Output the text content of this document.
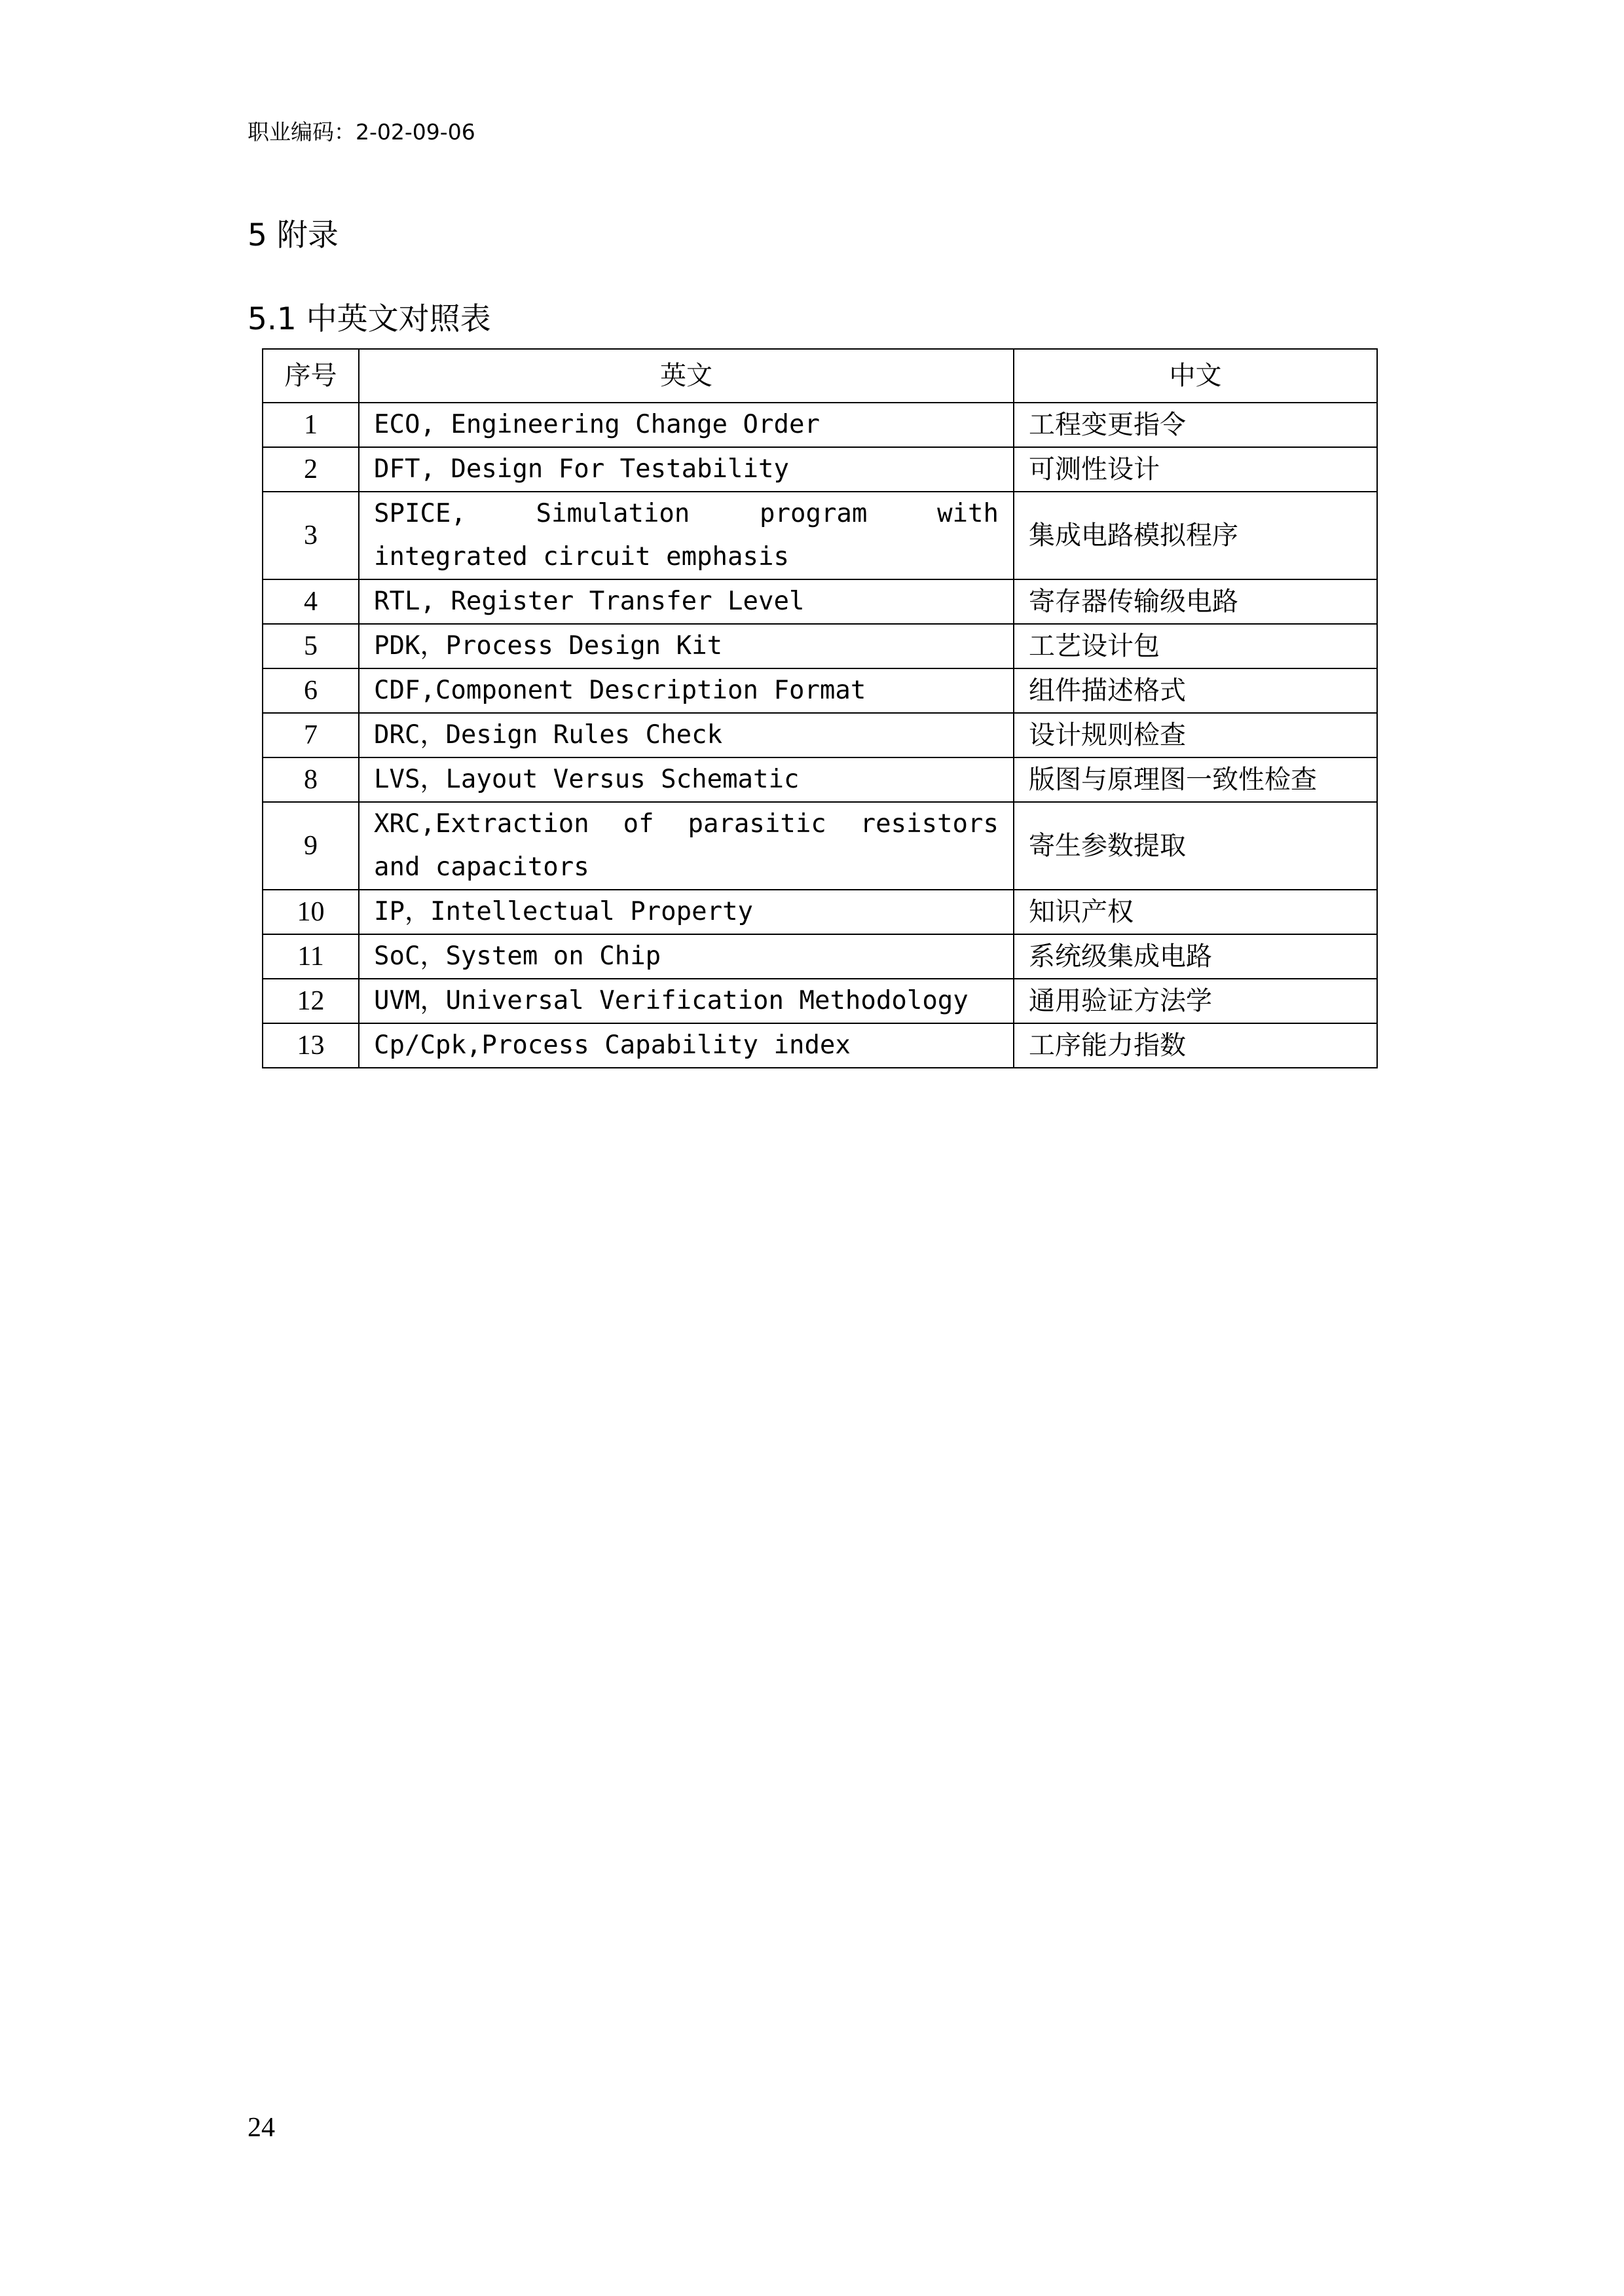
职业编码：2-02-09-06
5 附录
5.1 中英文对照表
序号	英文	中文
1	ECO, Engineering Change Order	工程变更指令
2	DFT, Design For Testability	可测性设计
3	SPICE, Simulation program with integrated circuit emphasis	集成电路模拟程序
4	RTL, Register Transfer Level	寄存器传输级电路
5	PDK，Process Design Kit	工艺设计包
6	CDF,Component Description Format	组件描述格式
7	DRC，Design Rules Check	设计规则检查
8	LVS，Layout Versus Schematic	版图与原理图一致性检查
9	XRC,Extraction of parasitic resistors and capacitors	寄生参数提取
10	IP，Intellectual Property	知识产权
11	SoC，System on Chip	系统级集成电路
12	UVM，Universal Verification Methodology	通用验证方法学
13	Cp/Cpk,Process Capability index	工序能力指数
24
